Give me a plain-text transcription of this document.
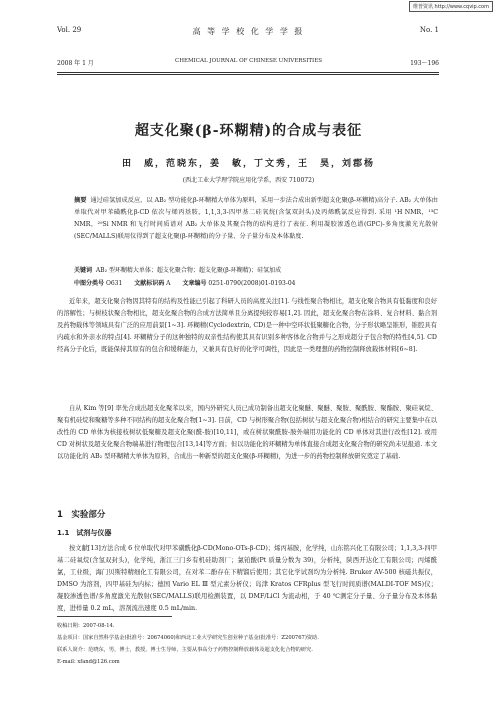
维普资讯 http://www.cqvip.com
Vol. 29	高 等 学 校 化 学 学 报	No. 1
2008 年 1 月	CHEMICAL JOURNAL OF CHINESE UNIVERSITIES	193～196
超支化聚(β-环糊精)的合成与表征
田　威，范晓东，姜　敏，丁文秀，王　昊，刘郡杨
(西北工业大学理学院应用化学系，西安 710072)
摘要 通过硅氢加成反应，以 AB₂ 型功能化β-环糊精大单体为原料，采用一步法合成出新型超支化聚(β-环糊精)高分子. AB₂ 大单体由单取代对甲苯磺酰化β-CD 依次与烯丙基胺，1,1,3,3-四甲基二硅氧烷(含氢双封头)及丙烯酰氯反应得到. 采用 ¹H NMR，¹³C NMR，²⁹Si NMR 和飞行时间质谱对 AB₂ 大单体及其聚合物的结构进行了表征. 利用凝胶渗透色谱(GPC)-多角度激光光散射(SEC/MALLS)联用仪得到了超支化聚(β-环糊精)的分子量、分子量分布及本体黏度.
关键词 AB₂ 型环糊精大单体；超支化聚合物；超支化聚(β-环糊精)；硅氢加成
中图分类号 O631 文献标识码 A 文章编号 0251-0790(2008)01-0193-04

近年来，超支化聚合物因其特有的结构及性能已引起了科研人员的高度关注[1]. 与线性聚合物相比，超支化聚合物具有低黏度和良好的溶解性；与树枝状聚合物相比，超支化聚合物的合成方法简单且分离提纯较容易[1,2]. 因此，超支化聚合物在涂料、复合材料、黏合剂及药物载体等领域具有广泛的应用前景[1~3]. 环糊精(Cyclodextrin, CD)是一种中空环状低聚糖化合物，分子形状略呈锥形，锥腔具有内疏水和外亲水的特点[4]. 环糊精分子的这种独特的双亲性结构使其具有识别多种客体化合物并与之形成超分子包合物的特性[4,5]. CD 经高分子化后，既能保持其原有的包合和缓释能力，又兼具有良好的化学可调性，因此是一类理想的药物控制释放载体材料[6~8].

自从 Kim 等[9] 率先合成出超支化聚苯以来，国内外研究人员已成功制备出超支化聚醚、聚醚、聚胺、聚酰胺、聚酯胺、聚硅氧烷、聚有机硅烷和聚糖等多种不同结构的超支化聚合物[1~3]. 目前，CD 与树形聚合物(包括树状与超支化聚合物)相结合的研究主要集中在以改性的 CD 单体为核接枝树状低聚糖及超支化聚(酰-胺)[10,11]，或在树状聚酰胺-胺外端用功能化的 CD 单体对其进行改性[12]. 或用 CD 对树状及超支化聚合物端基进行物理包合[13,14]等方面；但以功能化的环糊精为单体直接合成超支化聚合物的研究尚未见报道. 本文以功能化的 AB₂ 型环糊精大单体为原料，合成出一种新型的超支化聚(β-环糊精)，为进一步的药物控制释放研究奠定了基础.

1　实验部分
1.1　试剂与仪器

按文献[13]方法合成 6 位单取代对甲苯磺酰化β-CD(Mono-OTs-β-CD)；烯丙基胺，化学纯，山东铭兴化工有限公司；1,1,3,3-四甲基二硅氧烷(含氢双封头)，化学纯，浙江三门乡有机硅助剂厂；氯铂酸(Pt 质量分数为 39)，分析纯，陕西开达化工有限公司；丙烯酰氯，工业级，海门贝斯特精细化工有限公司，在对苯二酚存在下精馏后使用；其它化学试剂均为分析纯. Bruker AV-500 核磁共振仪，DMSO 为溶剂，四甲基硅为内标；德国 Vario EL Ⅲ 型元素分析仪；岛津 Kratos CFRplus 型飞行时间质谱(MALDI-TOF MS)仪；凝胶渗透色谱/多角度激光光散射(SEC/MALLS)联用检测装置，以 DMF/LiCl 为流动相，于 40 ℃测定分子量、分子量分布及本体黏度，进样量 0.2 mL，溶剂流出速度 0.5 mL/min.

收稿日期：2007-08-14.
基金项目：国家自然科学基金(批准号：20674060)和西北工业大学研究生创业种子基金(批准号：Z200767)资助.
联系人简介：范晓东，男，博士，教授，博士生导师，主要从事高分子药物控制释放载体及超支化化合物的研究.
E-mail: xfand@126.com
